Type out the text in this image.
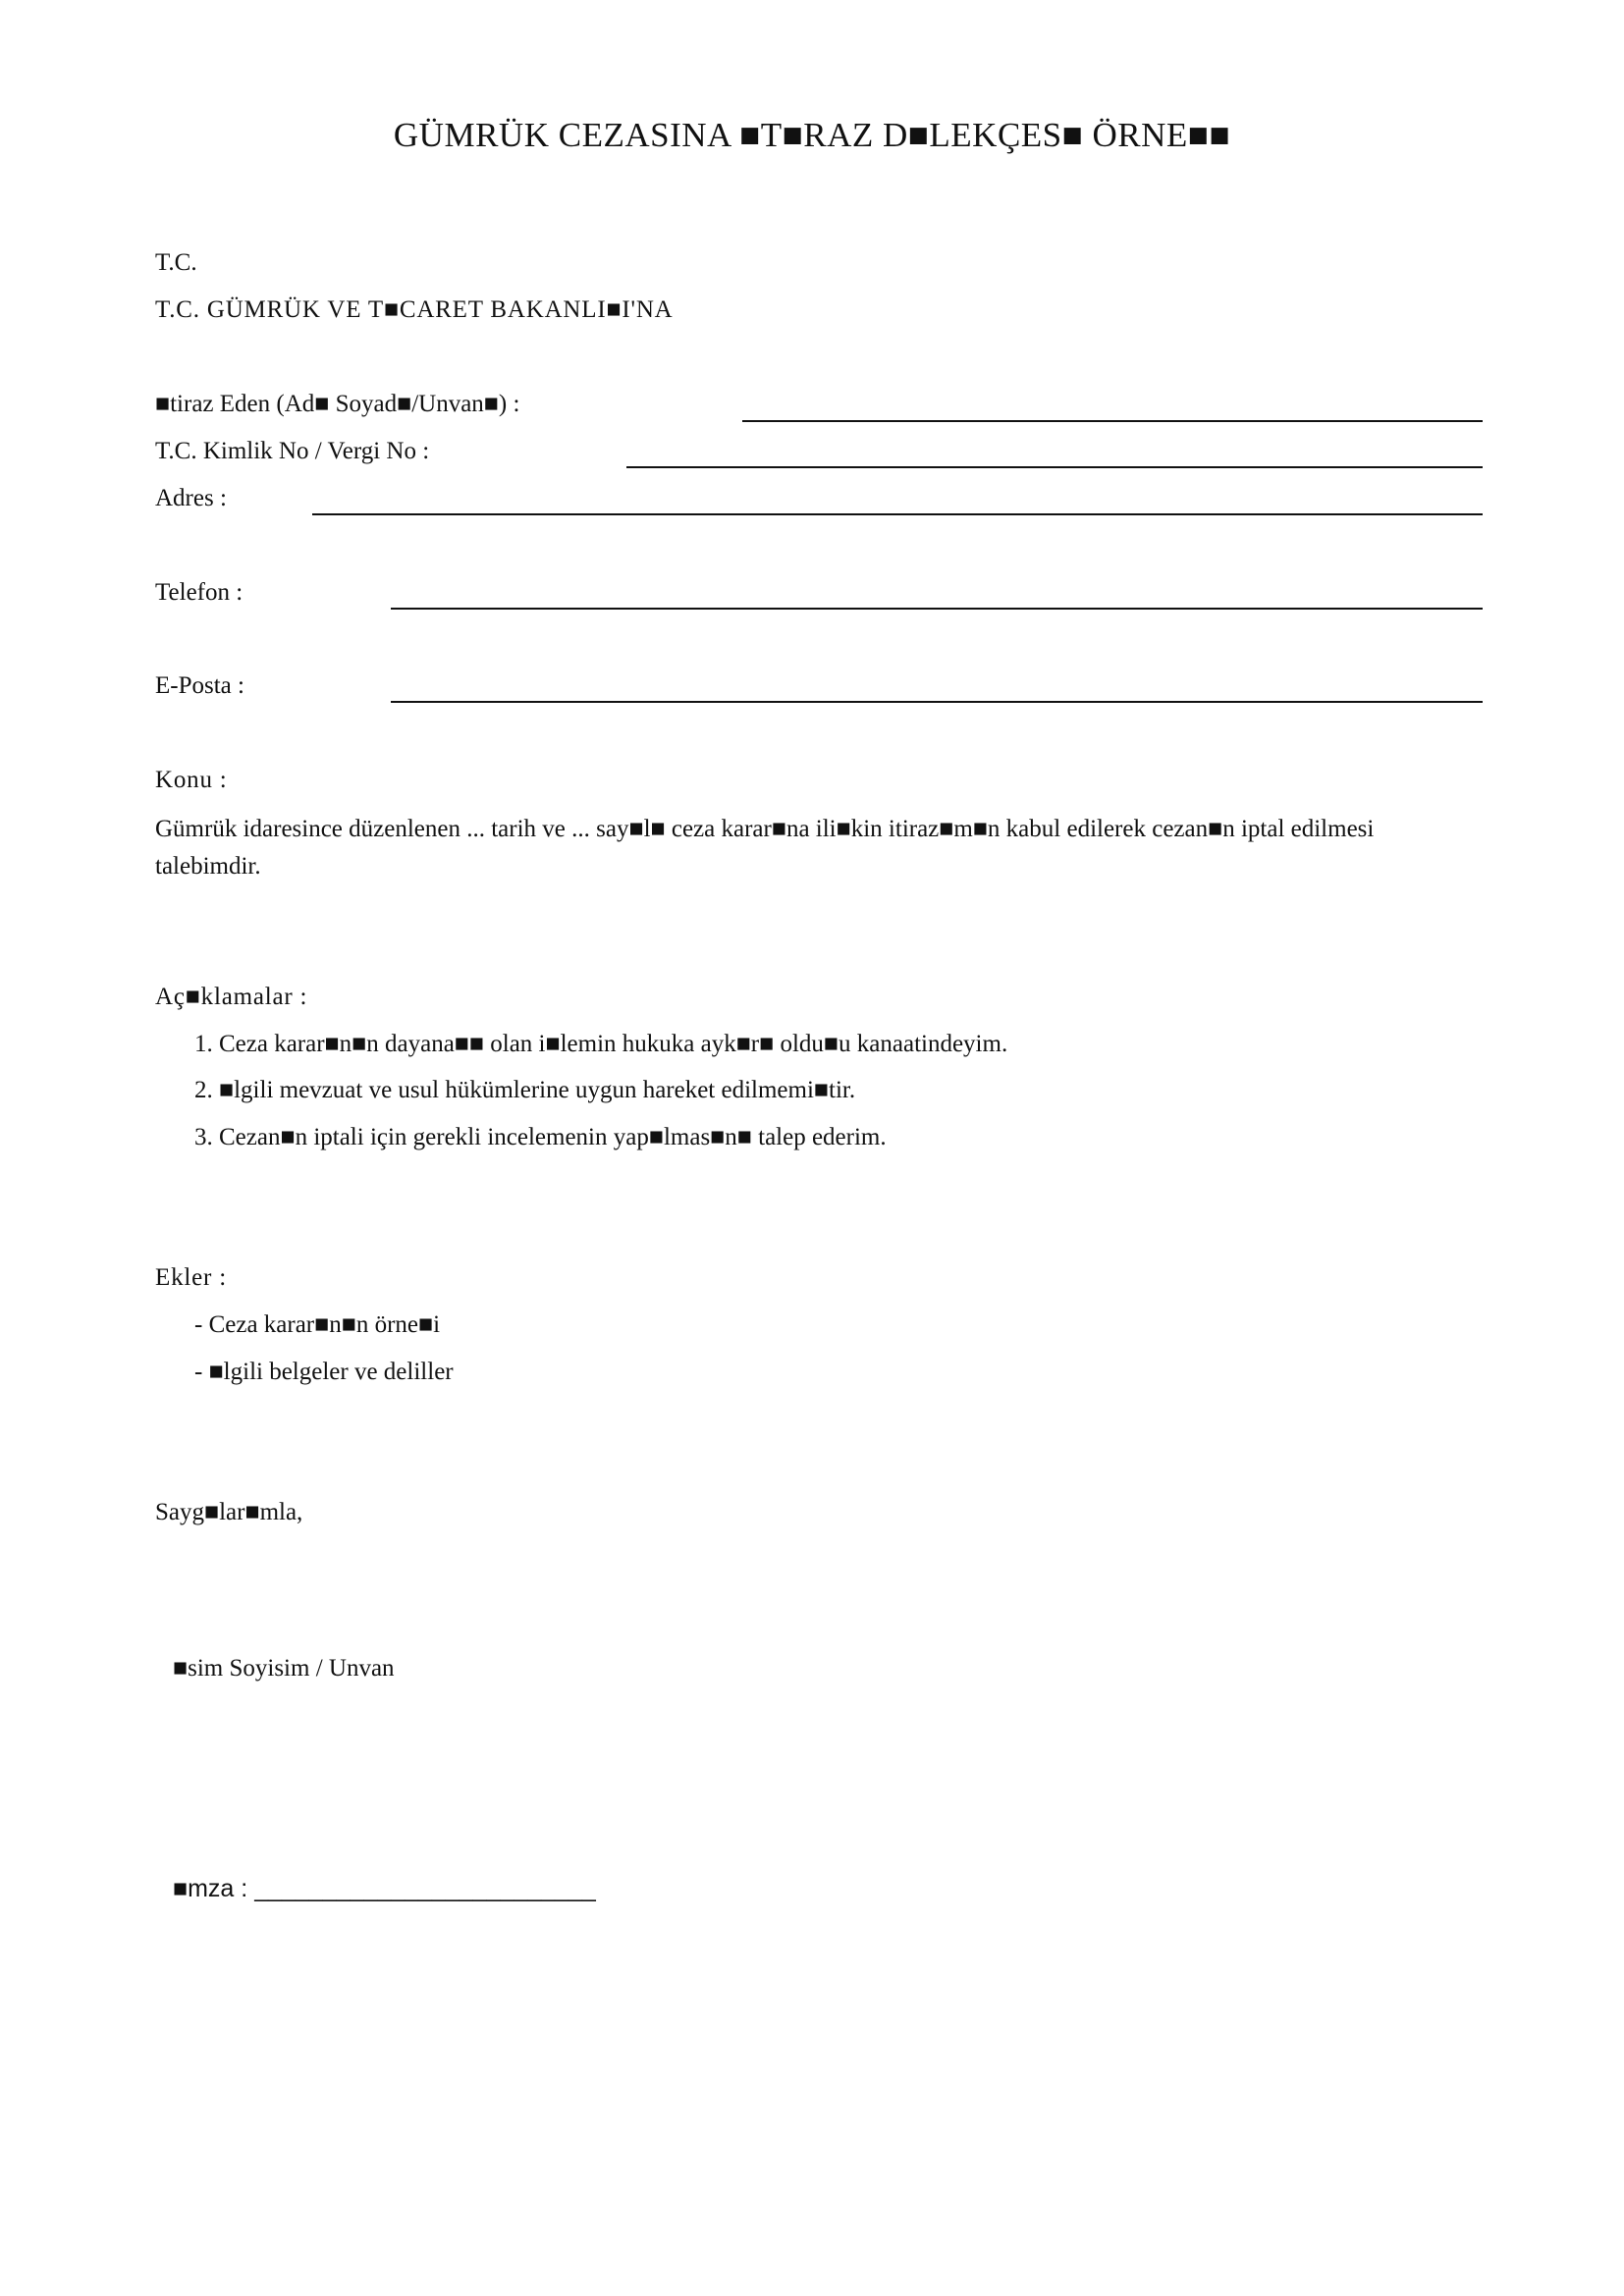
GÜMRÜK CEZASINA ■T■RAZ D■LEKÇES■ ÖRNE■■
T.C.
T.C. GÜMRÜK VE T■CARET BAKANLI■I'NA
■tiraz Eden (Ad■ Soyad■/Unvan■) :
T.C. Kimlik No / Vergi No :
Adres :
Telefon :
E-Posta :
Konu :
Gümrük idaresince düzenlenen ... tarih ve ... say■l■ ceza karar■na ili■kin itiraz■m■n kabul edilerek cezan■n iptal edilmesi talebimdir.
Aç■klamalar :
1. Ceza karar■n■n dayana■■ olan i■lemin hukuka ayk■r■ oldu■u kanaatindeyim.
2. ■lgili mevzuat ve usul hükümlerine uygun hareket edilmemi■tir.
3. Cezan■n iptali için gerekli incelemenin yap■lmas■n■ talep ederim.
Ekler :
- Ceza karar■n■n örne■i
- ■lgili belgeler ve deliller
Sayg■lar■mla,
■sim Soyisim / Unvan
■mza : _________________________
